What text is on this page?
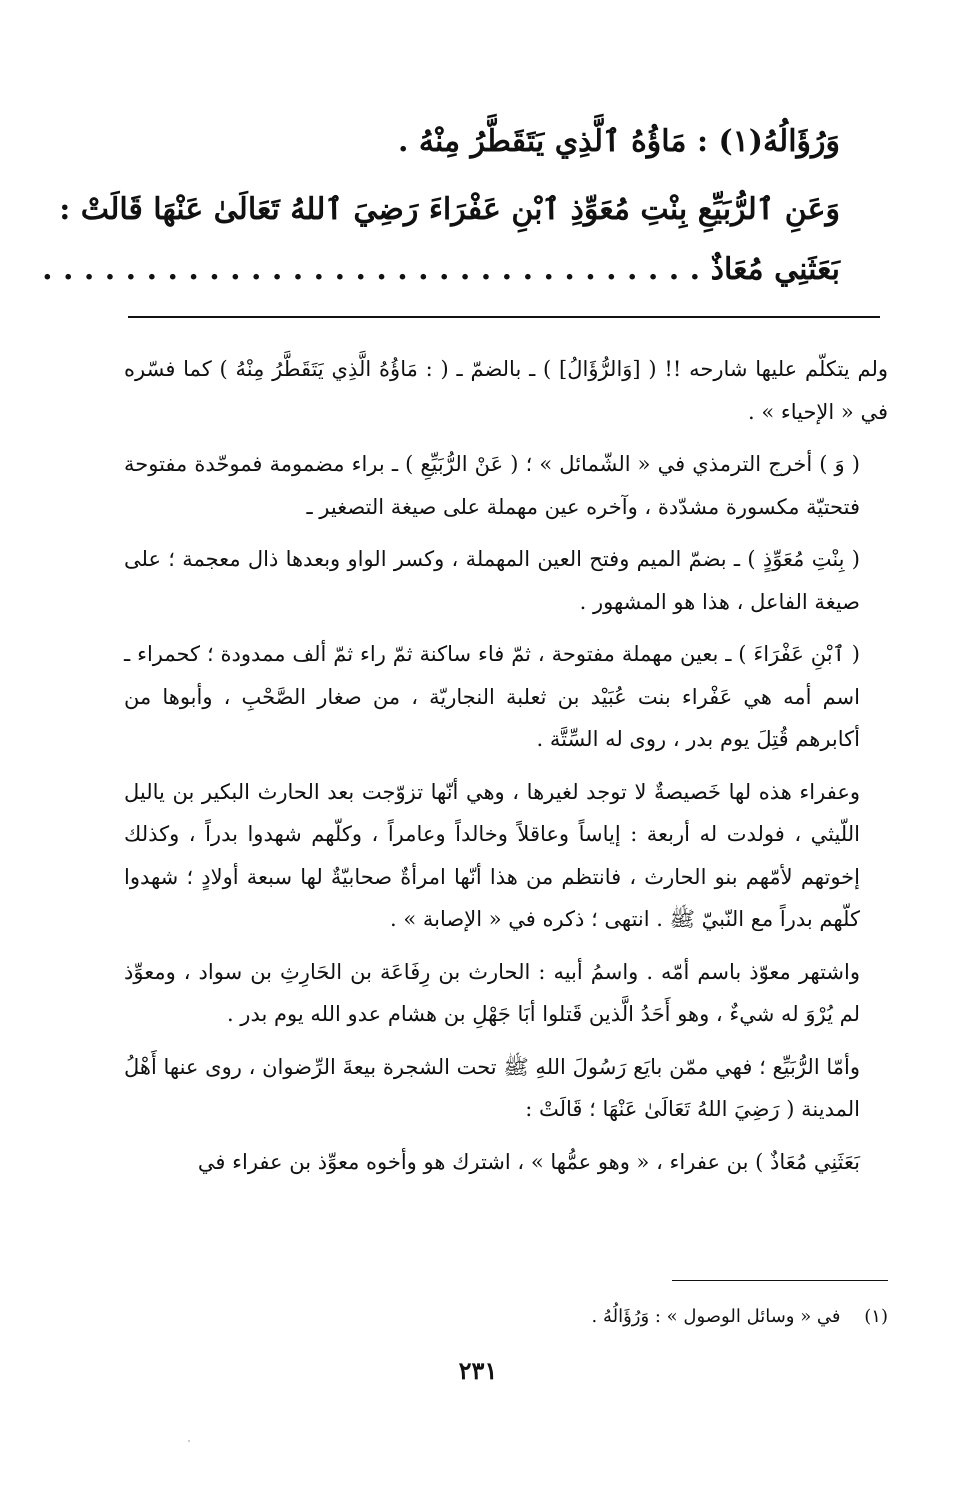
وَرُؤَالُهُ(١) : مَاؤُهُ ٱلَّذِي يَتَقَطَّرُ مِنْهُ .
وَعَنِ ٱلرُّبَيِّعِ بِنْتِ مُعَوِّذِ ٱبْنِ عَفْرَاءَ رَضِيَ ٱللهُ تَعَالَىٰ عَنْهَا قَالَتْ :
بَعَثَنِي مُعَاذٌ . . . . . . . . . . . . . . . . . . . . . . . . . . . . . . . .

ولم يتكلّم عليها شارحه !! ( [وَالرُّؤَالُ] ) ـ بالضمّ ـ ( : مَاؤُهُ الَّذِي يَتَقَطَّرُ مِنْهُ ) كما فسّره في « الإحياء » .

( وَ ) أخرج الترمذي في « الشّمائل » ؛ ( عَنْ الرُّبَيِّعِ ) ـ براء مضمومة فموحّدة مفتوحة فتحتيّة مكسورة مشدّدة ، وآخره عين مهملة على صيغة التصغير ـ

( بِنْتِ مُعَوِّذٍ ) ـ بضمّ الميم وفتح العين المهملة ، وكسر الواو وبعدها ذال معجمة ؛ على صيغة الفاعل ، هذا هو المشهور .

( ٱبْنِ عَفْرَاءَ ) ـ بعين مهملة مفتوحة ، ثمّ فاء ساكنة ثمّ راء ثمّ ألف ممدودة ؛ كحمراء ـ اسم أمه هي عَفْراء بنت عُبَيْد بن ثعلبة النجاريّة ، من صغار الصَّحْبِ ، وأبوها من أكابرهم قُتِلَ يوم بدر ، روى له السِّتَّة .

وعفراء هذه لها خَصيصةٌ لا توجد لغيرها ، وهي أنّها تزوّجت بعد الحارث البكير بن ياليل اللّيثي ، فولدت له أربعة : إياساً وعاقلاً وخالداً وعامراً ، وكلّهم شهدوا بدراً ، وكذلك إخوتهم لأمّهم بنو الحارث ، فانتظم من هذا أنّها امرأةٌ صحابيّةٌ لها سبعة أولادٍ ؛ شهدوا كلّهم بدراً مع النّبيّ ﷺ . انتهى ؛ ذكره في « الإصابة » .

واشتهر معوّذ باسم أمّه . واسمُ أبيه : الحارث بن رِفَاعَة بن الحَارِثِ بن سواد ، ومعوِّذ لم يُرْوَ له شيءٌ ، وهو أَحَدُ الَّذين قَتلوا أبَا جَهْلِ بن هشام عدو الله يوم بدر .

وأمّا الرُّبَيِّع ؛ فهي ممّن بايَع رَسُولَ اللهِ ﷺ تحت الشجرة بيعةَ الرِّضوان ، روى عنها أَهْلُ المدينة ( رَضِيَ اللهُ تَعَالَىٰ عَنْهَا ؛ قَالَتْ :

بَعَثَنِي مُعَاذٌ ) بن عفراء ، « وهو عمُّها » ، اشترك هو وأخوه معوِّذ بن عفراء في

(١) في « وسائل الوصول » : وَرُؤَالُهُ .
٢٣١
